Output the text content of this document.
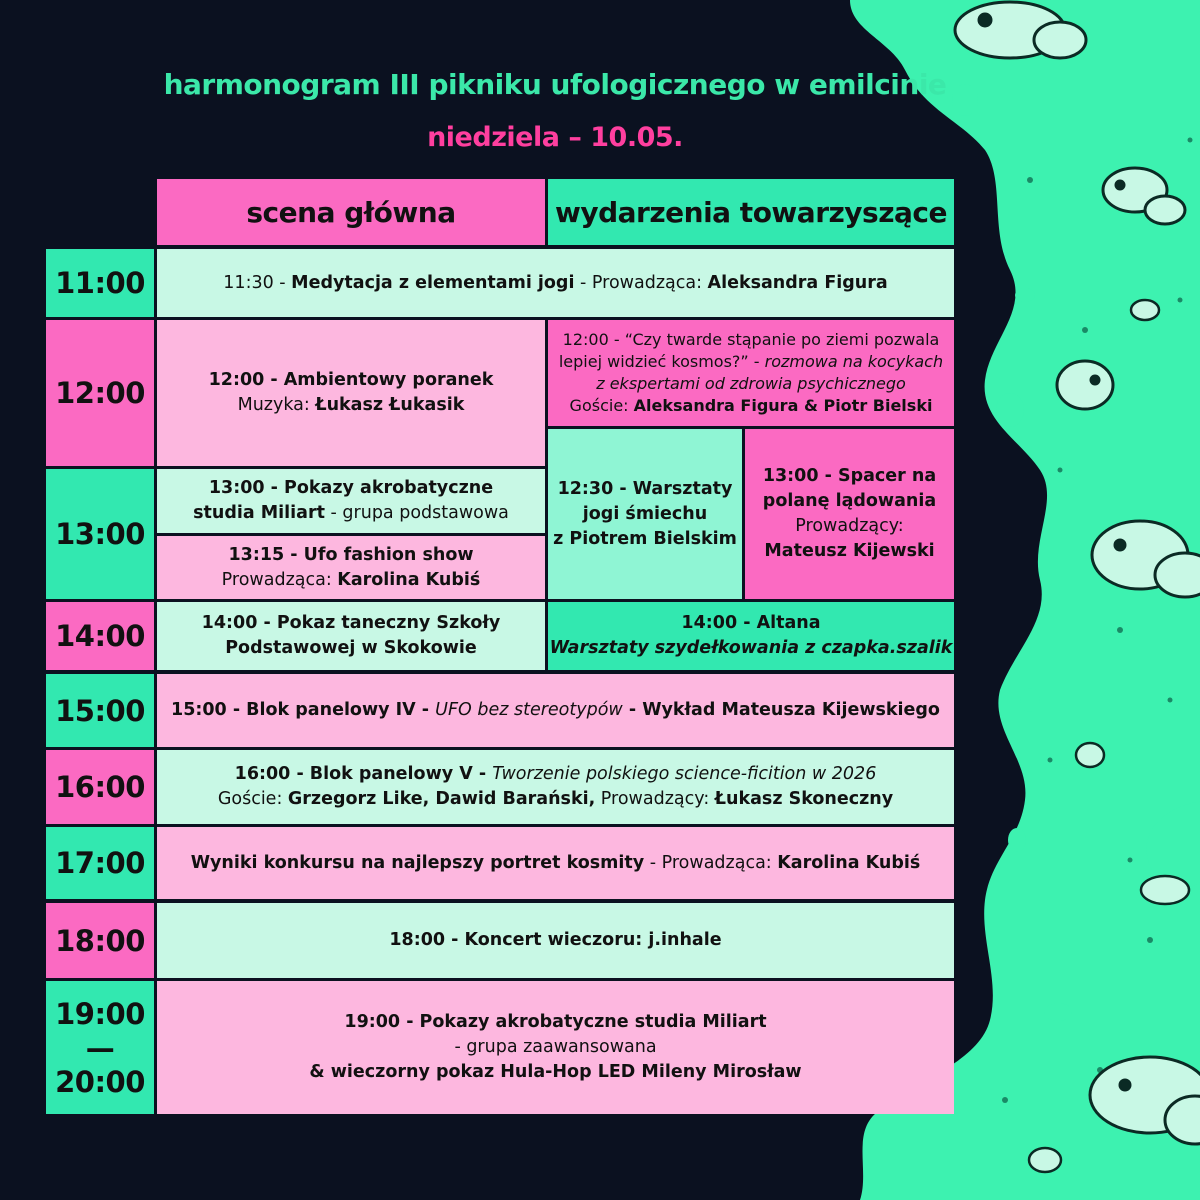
harmonogram III pikniku ufologicznego w emilcinie
niedziela – 10.05.
scena główna	wydarzenia towarzyszące
11:00
12:00
13:00
14:00
15:00
16:00
17:00
18:00
19:00
—
20:00
11:30 - Medytacja z elementami jogi - Prowadząca: Aleksandra Figura
12:00 - Ambientowy poranek
Muzyka: Łukasz Łukasik
12:00 - “Czy twarde stąpanie po ziemi pozwala
lepiej widzieć kosmos?” - rozmowa na kocykach
z ekspertami od zdrowia psychicznego
Goście: Aleksandra Figura & Piotr Bielski
13:00 - Pokazy akrobatyczne
studia Miliart - grupa podstawowa
13:15 - Ufo fashion show
Prowadząca: Karolina Kubiś
12:30 - Warsztaty
jogi śmiechu
z Piotrem Bielskim
13:00 - Spacer na
polanę lądowania
Prowadzący:
Mateusz Kijewski
14:00 - Pokaz taneczny Szkoły
Podstawowej w Skokowie
14:00 - Altana
Warsztaty szydełkowania z czapka.szalik
15:00 - Blok panelowy IV - UFO bez stereotypów - Wykład Mateusza Kijewskiego
16:00 - Blok panelowy V - Tworzenie polskiego science-ficition w 2026
Goście: Grzegorz Like, Dawid Barański, Prowadzący: Łukasz Skoneczny
Wyniki konkursu na najlepszy portret kosmity - Prowadząca: Karolina Kubiś
18:00 - Koncert wieczoru: j.inhale
19:00 - Pokazy akrobatyczne studia Miliart
- grupa zaawansowana
& wieczorny pokaz Hula-Hop LED Mileny Mirosław
